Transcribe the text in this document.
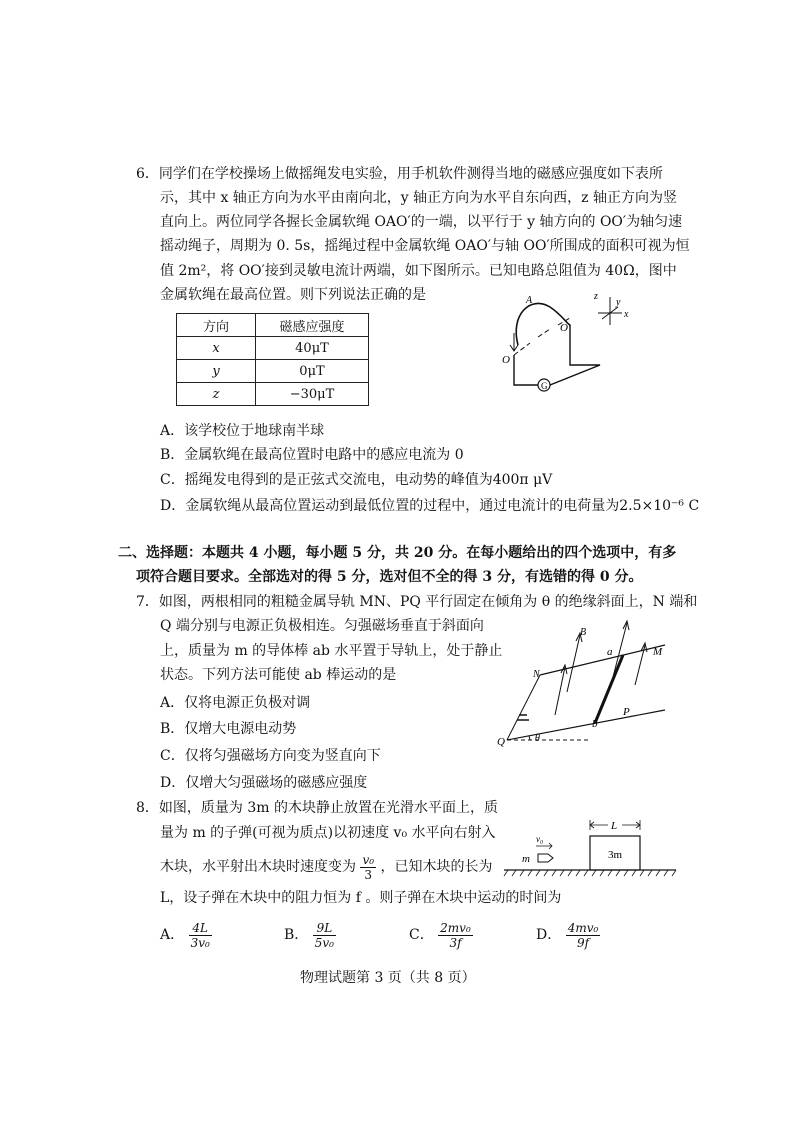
6．同学们在学校操场上做摇绳发电实验，用手机软件测得当地的磁感应强度如下表所
示，其中 x 轴正方向为水平由南向北，y 轴正方向为水平自东向西，z 轴正方向为竖
直向上。两位同学各握长金属软绳 OAO′的一端，以平行于 y 轴方向的 OO′为轴匀速
摇动绳子，周期为 0. 5s，摇绳过程中金属软绳 OAO′与轴 OO′所围成的面积可视为恒
值 2m²，将 OO′接到灵敏电流计两端，如下图所示。已知电路总阻值为 40Ω，图中
金属软绳在最高位置。则下列说法正确的是
方向	磁感应强度
x	40μT
y	0μT
z	−30μT
G
A
O
O′
z
y
x
A．该学校位于地球南半球
B．金属软绳在最高位置时电路中的感应电流为 0
C．摇绳发电得到的是正弦式交流电，电动势的峰值为400π μV
D．金属软绳从最高位置运动到最低位置的过程中，通过电流计的电荷量为2.5×10⁻⁶ C
二、选择题：本题共 4 小题，每小题 5 分，共 20 分。在每小题给出的四个选项中，有多
项符合题目要求。全部选对的得 5 分，选对但不全的得 3 分，有选错的得 0 分。
7．如图，两根相同的粗糙金属导轨 MN、PQ 平行固定在倾角为 θ 的绝缘斜面上，N 端和
Q 端分别与电源正负极相连。匀强磁场垂直于斜面向
上，质量为 m 的导体棒 ab 水平置于导轨上，处于静止
状态。下列方法可能使 ab 棒运动的是
B
a	M
N
b
P
Q	θ
A．仅将电源正负极对调
B．仅增大电源电动势
C．仅将匀强磁场方向变为竖直向下
D．仅增大匀强磁场的磁感应强度
8．如图，质量为 3m 的木块静止放置在光滑水平面上，质
量为 m 的子弹(可视为质点)以初速度 v₀ 水平向右射入
木块，水平射出木块时速度变为 $\frac{\text{v₀}}{3}$ ，已知木块的长为
L，设子弹在木块中的阻力恒为 f 。则子弹在木块中运动的时间为
L
3m
m
v₀
A． $\frac{4L}{\text{3v₀}}$	B． $\frac{9L}{\text{5v₀}}$	C． $\frac{\text{2mv₀}}{3f}$	D． $\frac{\text{4mv₀}}{9f}$
物理试题第 3 页（共 8 页）
